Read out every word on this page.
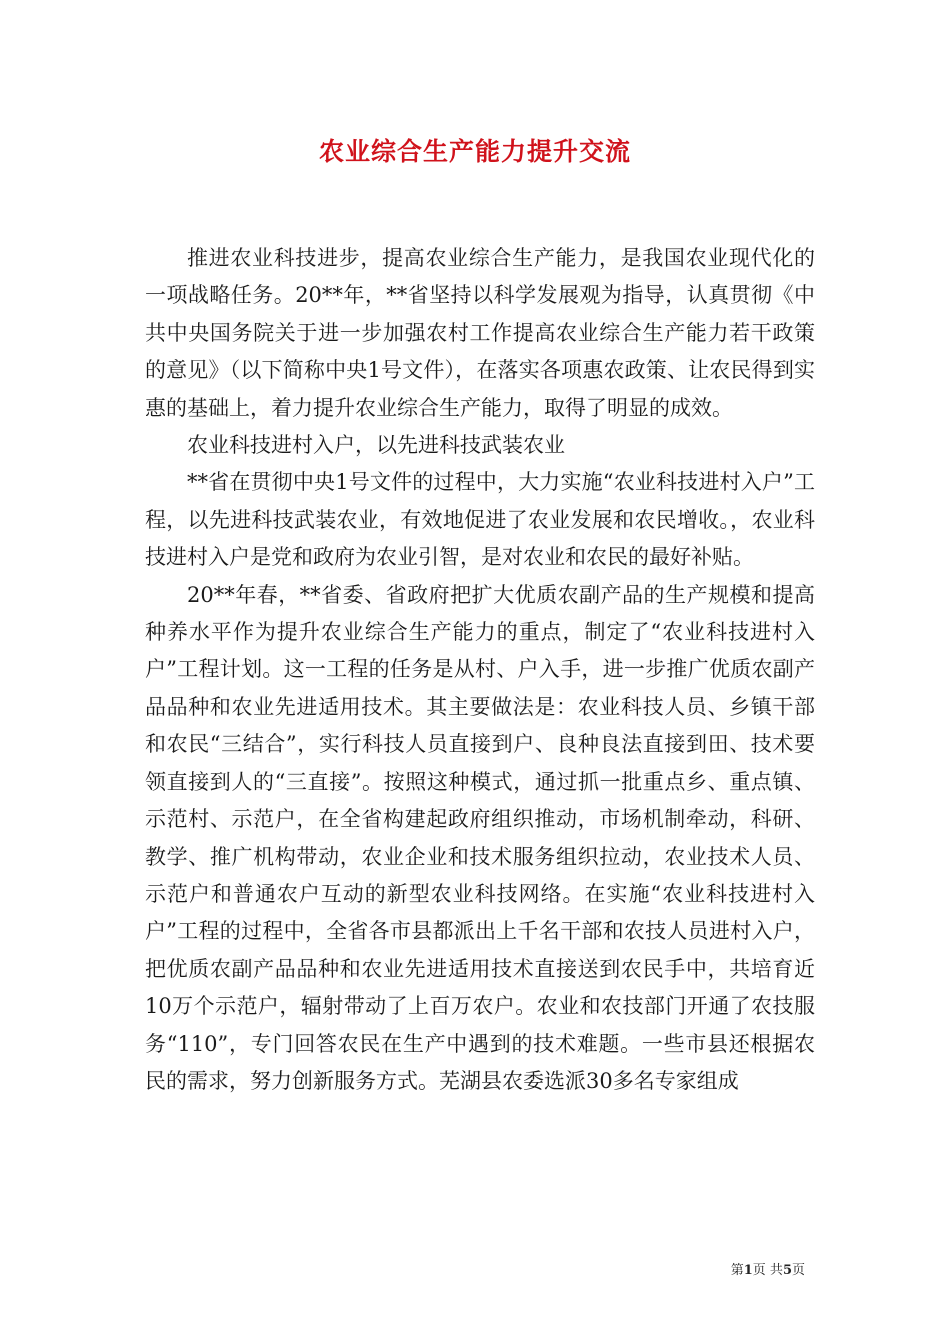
农业综合生产能力提升交流

推进农业科技进步，提高农业综合生产能力，是我国农业现代化的一项战略任务。20**年，**省坚持以科学发展观为指导，认真贯彻《中共中央国务院关于进一步加强农村工作提高农业综合生产能力若干政策的意见》（以下简称中央1号文件），在落实各项惠农政策、让农民得到实惠的基础上，着力提升农业综合生产能力，取得了明显的成效。

农业科技进村入户，以先进科技武装农业

**省在贯彻中央1号文件的过程中，大力实施“农业科技进村入户”工程，以先进科技武装农业，有效地促进了农业发展和农民增收。，农业科技进村入户是党和政府为农业引智，是对农业和农民的最好补贴。

20**年春，**省委、省政府把扩大优质农副产品的生产规模和提高种养水平作为提升农业综合生产能力的重点，制定了“农业科技进村入户”工程计划。这一工程的任务是从村、户入手，进一步推广优质农副产品品种和农业先进适用技术。其主要做法是：农业科技人员、乡镇干部和农民“三结合”，实行科技人员直接到户、良种良法直接到田、技术要领直接到人的“三直接”。按照这种模式，通过抓一批重点乡、重点镇、示范村、示范户，在全省构建起政府组织推动，市场机制牵动，科研、教学、推广机构带动，农业企业和技术服务组织拉动，农业技术人员、示范户和普通农户互动的新型农业科技网络。在实施“农业科技进村入户”工程的过程中，全省各市县都派出上千名干部和农技人员进村入户，把优质农副产品品种和农业先进适用技术直接送到农民手中，共培育近10万个示范户，辐射带动了上百万农户。农业和农技部门开通了农技服务“110”，专门回答农民在生产中遇到的技术难题。一些市县还根据农民的需求，努力创新服务方式。芜湖县农委选派30多名专家组成

第1页 共5页
